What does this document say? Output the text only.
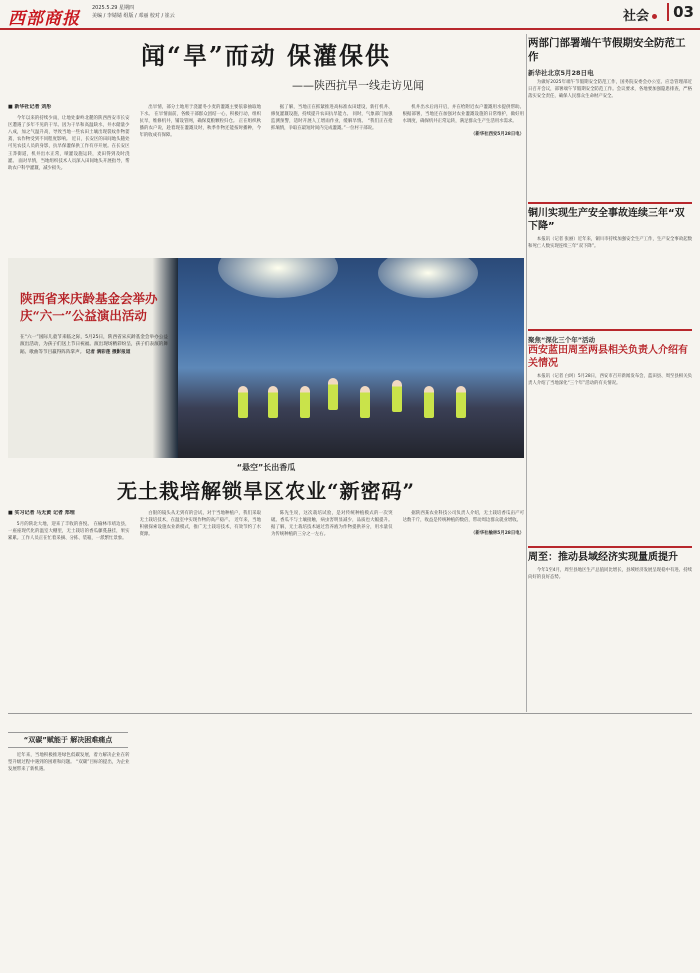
西部商报
2025.5.29 星期四
美编 / 李婧婧 组版 / 邓丽 校对 / 崔云	社会	03
闻“旱”而动 保灌保供
——陕西抗旱一线走访见闻
■ 新华社记者 刘彤

今年以来的持续少雨，让地处秦岭北麓的陕西西安市长安区遭遇了多年不见的干旱。因为干旱和高温缺水，井水储量少八成，加之气温升高，导致当地一些农田土壤出现裂纹作物萎蔫，农作物受到不同程度影响。 近日，长安区的田间地头随处可见农技人员的身影，抗旱保灌保供工作有序开展。在长安区王莽街道，机井出水正常，喷灌设施运转，麦田得到及时浇灌。 面对旱情，当地组织技术人员深入田间地头开展指导，帮助农户科学灌溉，减少损失。

出旱情，部分土地用于浇灌冬小麦的灌溉主要依靠抽取地下水。 在旱情面前，各级干部群众团结一心，积极行动，组织抗旱，维修机井，铺设管网，确保夏粮颗粒归仓。 正在组织秋播的农户说，趁着现在灌溉及时，秋季作物还能按时播种，今年的收成有保障。

据了解，当地正在抓紧推进高标准农田建设，新打机井、修复灌溉设施，持续提升农田抗旱能力。 同时，气象部门加强监测预警，适时开展人工增雨作业，缓解旱情。 “我们正在抢抓墒情，争取在最短时间内完成灌溉。”一位村干部说。

机井出水后再开启，并在给附近农户灌溉用水提供帮助。 根据部署，当地还在加强对农业灌溉设施的日常维护，做好用水调度，确保机井正常运转，满足群众生产生活用水需求。

（新华社西安5月28日电）
陕西省来庆龄基金会举办庆“六一”公益演出活动
在“六一”国际儿童节来临之际，5月25日，陕西省宋庆龄基金会举办公益演出活动，为孩子们送上节日祝福。演出现场精彩纷呈，孩子们表演的舞蹈、歌曲等节目赢得阵阵掌声。 记者 满彩莲 摄影报道
“悬空”长出香瓜
无土栽培解锁旱区农业“新密码”
■ 实习记者 马无黄 记者 郑理

5月的陕北大地，迎来了丰收的喜悦。 在榆林市靖边县，一座座现代化的温室大棚里，无土栽培的香瓜藤蔓悬挂，果实累累。工作人员正在忙着采摘、分拣、装箱，一派繁忙景象。

白银的镜头从无到有的尝试，对于当地种植户，我们采取无土栽培技术，在温室中实现作物的高产稳产。 近年来，当地积极探索设施农业新模式，推广无土栽培技术，有效节约了水资源。

陈先生说，这次栽培试验，是对传统种植模式的一次突破。香瓜不与土壤接触，病虫害明显减少，品质也大幅提升。 据了解，无土栽培技术通过营养液为作物提供养分，用水量仅为传统种植的三分之一左右。

据陕西某农业科技公司负责人介绍，无土栽培香瓜亩产可达数千斤，收益是传统种植的数倍，带动周边群众就业增收。

（新华社榆林5月28日电）
“双碳”赋能于 解决困难痛点

近年来，当地积极推进绿色低碳发展，着力解决企业在转型升级过程中遇到的困难和问题。 “双碳”目标的提出，为企业发展带来了新机遇。

两部门部署端午节假期安全防范工作
新华社北京5月28日电

为做好2025年端午节假期安全防范工作，国务院安委会办公室、应急管理部近日召开会议，部署端午节假期安全防范工作。会议要求，各地要加强隐患排查，严格落实安全责任，确保人民群众生命财产安全。

铜川实现生产安全事故连续三年“双下降”

本报讯（记者 张丽）近年来，铜川市持续加强安全生产工作，生产安全事故起数和死亡人数实现连续三年“双下降”。

聚焦“深化三个年”活动
西安蓝田周至两县相关负责人介绍有关情况

本报讯（记者 白珂）5月28日，西安市召开新闻发布会，蓝田县、周至县相关负责人介绍了当地深化“三个年”活动的有关情况。

周至：推动县域经济实现量质提升

今年1至4月，周至县地区生产总值同比增长，县域经济发展呈现稳中有进、持续向好的良好态势。
